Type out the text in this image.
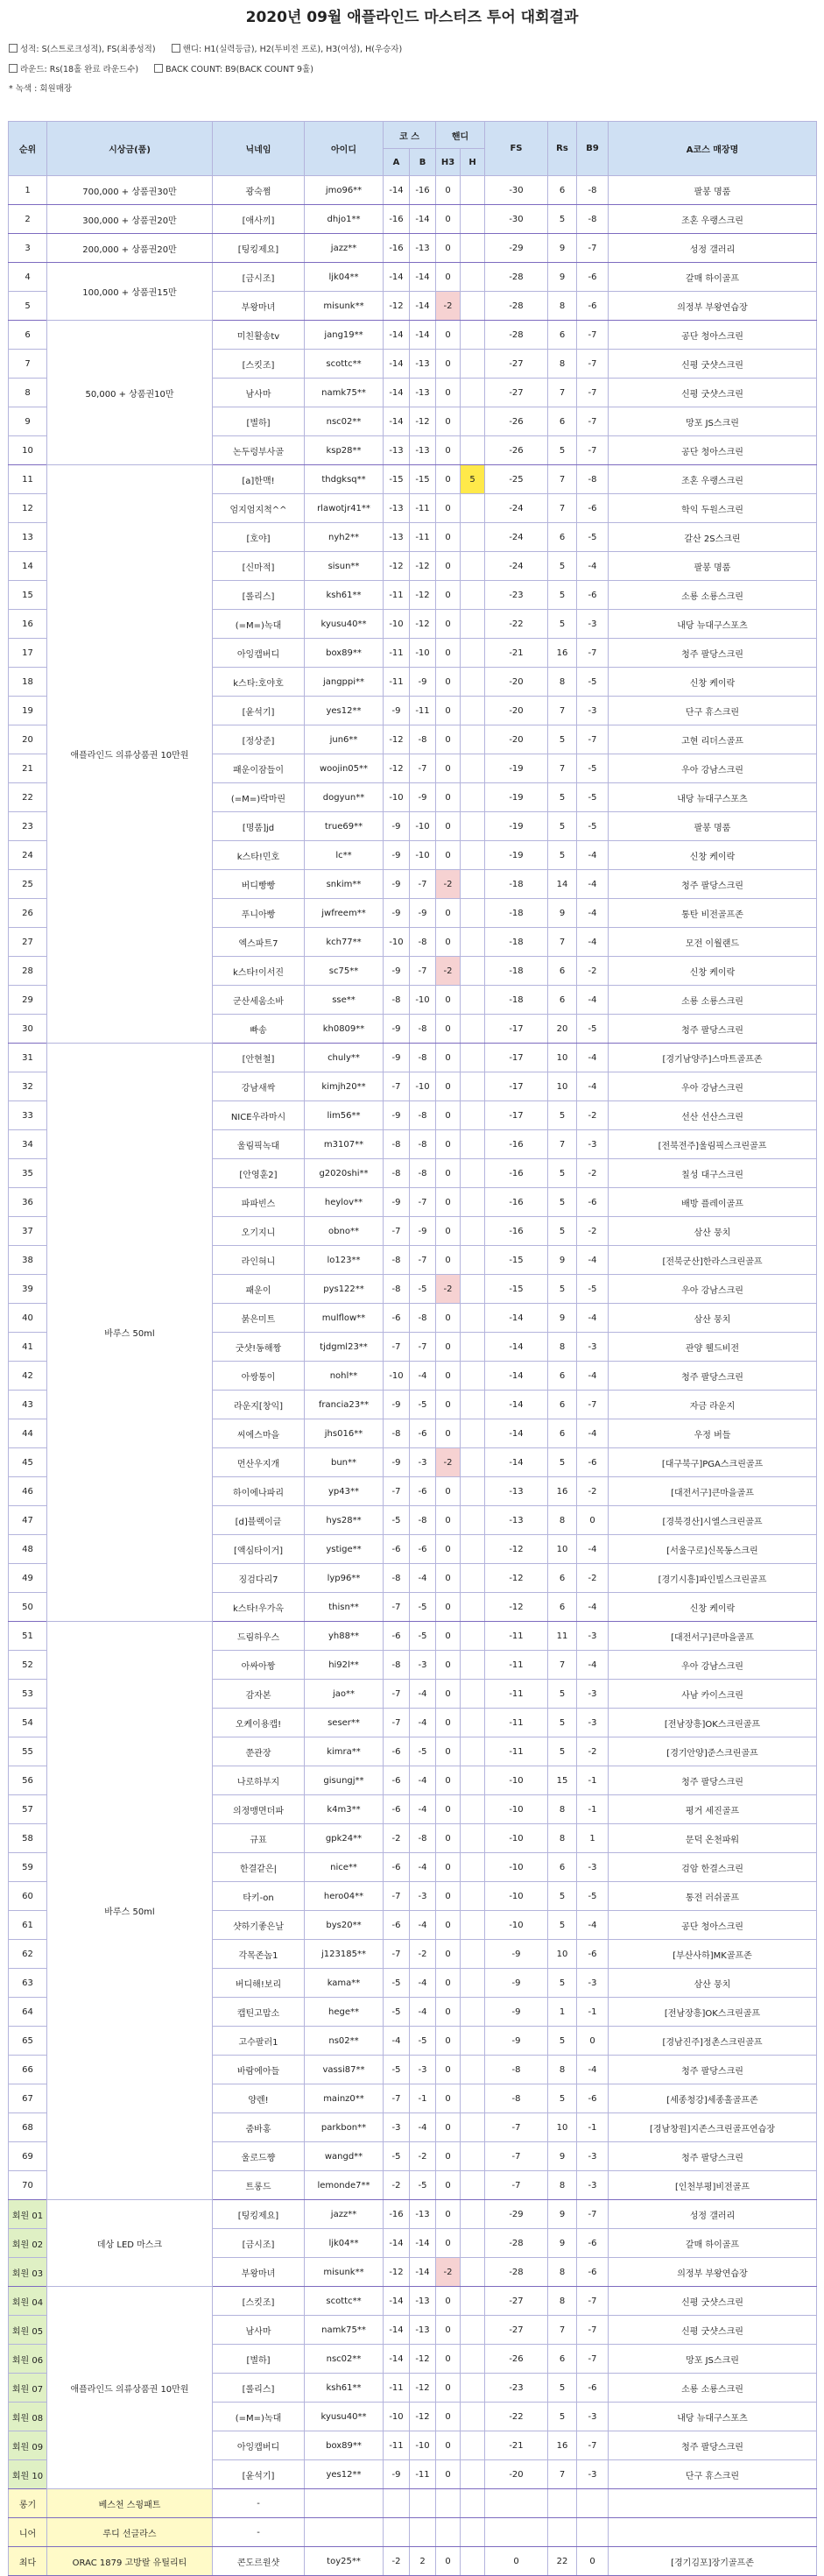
2020년 09월 애플라인드 마스터즈 투어 대회결과
성적: S(스트로크성적), FS(최종성적)	핸디: H1(실력등급), H2(투비전 프로), H3(여성), H(우승자)
라운드: Rs(18홀 완료 라운드수)	BACK COUNT: B9(BACK COUNT 9홀)
* 녹색 : 회원매장
순위	시상금(품)	닉네임	아이디	코 스		핸디		FS	Rs	B9	A코스 매장명
				A	B	H3	H				
1	700,000 + 상품권30만	광숙쩜	jmo96**	-14	-16	0		-30	6	-8	팔봉 명품
2	300,000 + 상품권20만	[애사끼]	dhjo1**	-16	-14	0		-30	5	-8	조혼 우랭스크린
3	200,000 + 상품권20만	[팅킹제요]	jazz**	-16	-13	0		-29	9	-7	성정 갤러리
4	100,000 + 상품권15만	[금시조]	ljk04**	-14	-14	0		-28	9	-6	갈매 하이골프
5		부왕마녀	misunk**	-12	-14	-2		-28	8	-6	의정부 부왕연습장
6	50,000 + 상품권10만	미친활송tv	jang19**	-14	-14	0		-28	6	-7	공단 청아스크린
7		[스킷조]	scottc**	-14	-13	0		-27	8	-7	신평 굿샷스크린
8		남사마	namk75**	-14	-13	0		-27	7	-7	신평 굿샷스크린
9		[별하]	nsc02**	-14	-12	0		-26	6	-7	망포 JS스크린
10		논두렁부사골	ksp28**	-13	-13	0		-26	5	-7	공단 청아스크린
11	애플라인드 의류상품권 10만원	[a]한맥!	thdgksq**	-15	-15	0	5	-25	7	-8	조혼 우랭스크린
12		엄지엄지척^^	rlawotjr41**	-13	-11	0		-24	7	-6	학익 두원스크린
13		[호야]	nyh2**	-13	-11	0		-24	6	-5	갈산 2S스크린
14		[신마적]	sisun**	-12	-12	0		-24	5	-4	팔봉 명품
15		[롤리스]	ksh61**	-11	-12	0		-23	5	-6	소룡 소룡스크린
16		(=M=)녹대	kyusu40**	-10	-12	0		-22	5	-3	내당 뉴대구스포츠
17		아잉캡버디	box89**	-11	-10	0		-21	16	-7	청주 팔당스크린
18		k스타:호야호	jangppi**	-11	-9	0		-20	8	-5	신창 케이락
19		[윤석기]	yes12**	-9	-11	0		-20	7	-3	단구 휴스크린
20		[정상준]	jun6**	-12	-8	0		-20	5	-7	고현 리더스골프
21		패운이잠들이	woojin05**	-12	-7	0		-19	7	-5	우아 강남스크린
22		(=M=)락마린	dogyun**	-10	-9	0		-19	5	-5	내당 뉴대구스포츠
23		[명품]jd	true69**	-9	-10	0		-19	5	-5	팔봉 명품
24		k스타!민호	lc**	-9	-10	0		-19	5	-4	신창 케이락
25		버디빵빵	snkim**	-9	-7	-2		-18	14	-4	청주 팔당스크린
26		푸니아빵	jwfreem**	-9	-9	0		-18	9	-4	통탄 비전골프존
27		엑스파트7	kch77**	-10	-8	0		-18	7	-4	모전 이월랜드
28		k스타!이서진	sc75**	-9	-7	-2		-18	6	-2	신창 케이락
29		군산세움소바	sse**	-8	-10	0		-18	6	-4	소룡 소룡스크린
30		빠송	kh0809**	-9	-8	0		-17	20	-5	청주 팔당스크린
31	바루스 50ml	[안현철]	chuly**	-9	-8	0		-17	10	-4	[경기남양주]스마트골프존
32		강남새싹	kimjh20**	-7	-10	0		-17	10	-4	우아 강남스크린
33		NICE우라마시	lim56**	-9	-8	0		-17	5	-2	선산 선산스크린
34		울림픽녹대	m3107**	-8	-8	0		-16	7	-3	[전북전주]울림픽스크린골프
35		[안영훈2]	g2020shi**	-8	-8	0		-16	5	-2	칠성 대구스크린
36		파파빈스	heylov**	-9	-7	0		-16	5	-6	배방 플레이골프
37		오기지니	obno**	-7	-9	0		-16	5	-2	삼산 뭉치
38		라인혀니	lo123**	-8	-7	0		-15	9	-4	[전북군산]한라스크린골프
39		패운이	pys122**	-8	-5	-2		-15	5	-5	우아 강남스크린
40		붉은미트	mulflow**	-6	-8	0		-14	9	-4	삼산 뭉치
41		굿샷!동해짱	tjdgml23**	-7	-7	0		-14	8	-3	관양 웰드비전
42		아쌍통이	nohl**	-10	-4	0		-14	6	-4	청주 팔당스크린
43		라운지[창익]	francia23**	-9	-5	0		-14	6	-7	자금 라운지
44		씨에스마을	jhs016**	-8	-6	0		-14	6	-4	우정 버들
45		먼산우지개	bun**	-9	-3	-2		-14	5	-6	[대구북구]PGA스크린골프
46		하이에나파리	yp43**	-7	-6	0		-13	16	-2	[대전서구]큰마을골프
47		[d]블랙이글	hys28**	-5	-8	0		-13	8	0	[경북경산]시엘스크린골프
48		[액심타이거]	ystige**	-6	-6	0		-12	10	-4	[서울구로]신목동스크린
49		징검다리7	lyp96**	-8	-4	0		-12	6	-2	[경기시흥]파인빌스크린골프
50		k스타!우가옥	thisn**	-7	-5	0		-12	6	-4	신창 케이락
51	바루스 50ml	드림하우스	yh88**	-6	-5	0		-11	11	-3	[대전서구]큰마을골프
52		아싸아짱	hi92l**	-8	-3	0		-11	7	-4	우아 강남스크린
53		감자본	jao**	-7	-4	0		-11	5	-3	사남 카이스크린
54		오케이용캡!	seser**	-7	-4	0		-11	5	-3	[전남장흥]OK스크린골프
55		쭌관장	kimra**	-6	-5	0		-11	5	-2	[경기안양]준스크린골프
56		나로하부지	gisungj**	-6	-4	0		-10	15	-1	청주 팔당스크린
57		의정맹면더파	k4m3**	-6	-4	0		-10	8	-1	평거 세진골프
58		규표	gpk24**	-2	-8	0		-10	8	1	문덕 온천파워
59		한결같은|	nice**	-6	-4	0		-10	6	-3	검암 한결스크린
60		타키-on	hero04**	-7	-3	0		-10	5	-5	통전 러쉬골프
61		샷하기좋은날	bys20**	-6	-4	0		-10	5	-4	공단 청아스크린
62		각목존놈1	j123185**	-7	-2	0		-9	10	-6	[부산사하]MK골프존
63		버디해!보리	kama**	-5	-4	0		-9	5	-3	삼산 뭉치
64		캡틴고맙소	hege**	-5	-4	0		-9	1	-1	[전남장흥]OK스크린골프
65		고수팔러1	ns02**	-4	-5	0		-9	5	0	[경남진주]정촌스크린골프
66		바람에아들	vassi87**	-5	-3	0		-8	8	-4	청주 팔당스크린
67		양렌!	mainz0**	-7	-1	0		-8	5	-6	[세종청강]세종홀골프존
68		줌바홍	parkbon**	-3	-4	0		-7	10	-1	[경남창원]지존스크린골프연습장
69		울로드쨩	wangd**	-5	-2	0		-7	9	-3	청주 팔당스크린
70		트롱드	lemonde7**	-2	-5	0		-7	8	-3	[인천부평]비전골프
회원 01	데상 LED 마스크	[팅킹제요]	jazz**	-16	-13	0		-29	9	-7	성정 갤러리
회원 02		[금시조]	ljk04**	-14	-14	0		-28	9	-6	갈매 하이골프
회원 03		부왕마녀	misunk**	-12	-14	-2		-28	8	-6	의정부 부왕연습장
회원 04	애플라인드 의류상품권 10만원	[스킷조]	scottc**	-14	-13	0		-27	8	-7	신평 굿샷스크린
회원 05		남사마	namk75**	-14	-13	0		-27	7	-7	신평 굿샷스크린
회원 06		[별하]	nsc02**	-14	-12	0		-26	6	-7	망포 JS스크린
회원 07		[롤리스]	ksh61**	-11	-12	0		-23	5	-6	소룡 소룡스크린
회원 08		(=M=)녹대	kyusu40**	-10	-12	0		-22	5	-3	내당 뉴대구스포츠
회원 09		아잉캡버디	box89**	-11	-10	0		-21	16	-7	청주 팔당스크린
회원 10		[윤석기]	yes12**	-9	-11	0		-20	7	-3	단구 휴스크린
롱기	베스천 스윙패트	-									
니어	루디 선글라스	-									
최다	ORAC 1879 고방랄 유틸리티	콘도르원샷	toy25**	-2	2	0		0	22	0	[경기김포]장기골프존
